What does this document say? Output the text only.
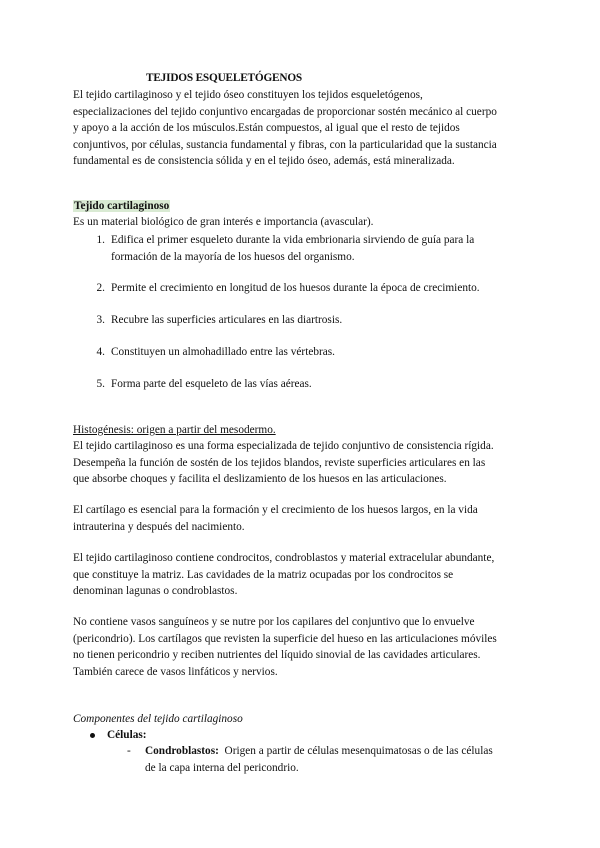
TEJIDOS ESQUELETÓGENOS
El tejido cartilaginoso y el tejido óseo constituyen los tejidos esqueletógenos,
especializaciones del tejido conjuntivo encargadas de proporcionar sostén mecánico al cuerpo
y apoyo a la acción de los músculos.Están compuestos, al igual que el resto de tejidos
conjuntivos, por células, sustancia fundamental y fibras, con la particularidad que la sustancia
fundamental es de consistencia sólida y en el tejido óseo, además, está mineralizada.
Tejido cartilaginoso
Es un material biológico de gran interés e importancia (avascular).
1. Edifica el primer esqueleto durante la vida embrionaria sirviendo de guía para la
formación de la mayoría de los huesos del organismo.
2. Permite el crecimiento en longitud de los huesos durante la época de crecimiento.
3. Recubre las superficies articulares en las diartrosis.
4. Constituyen un almohadillado entre las vértebras.
5. Forma parte del esqueleto de las vías aéreas.
Histogénesis: origen a partir del mesodermo.
El tejido cartilaginoso es una forma especializada de tejido conjuntivo de consistencia rígida.
Desempeña la función de sostén de los tejidos blandos, reviste superficies articulares en las
que absorbe choques y facilita el deslizamiento de los huesos en las articulaciones.
El cartílago es esencial para la formación y el crecimiento de los huesos largos, en la vida
intrauterina y después del nacimiento.
El tejido cartilaginoso contiene condrocitos, condroblastos y material extracelular abundante,
que constituye la matriz. Las cavidades de la matriz ocupadas por los condrocitos se
denominan lagunas o condroblastos.
No contiene vasos sanguíneos y se nutre por los capilares del conjuntivo que lo envuelve
(pericondrio). Los cartílagos que revisten la superficie del hueso en las articulaciones móviles
no tienen pericondrio y reciben nutrientes del líquido sinovial de las cavidades articulares.
También carece de vasos linfáticos y nervios.
Componentes del tejido cartilaginoso
Células:
- Condroblastos: Origen a partir de células mesenquimatosas o de las células
de la capa interna del pericondrio.
